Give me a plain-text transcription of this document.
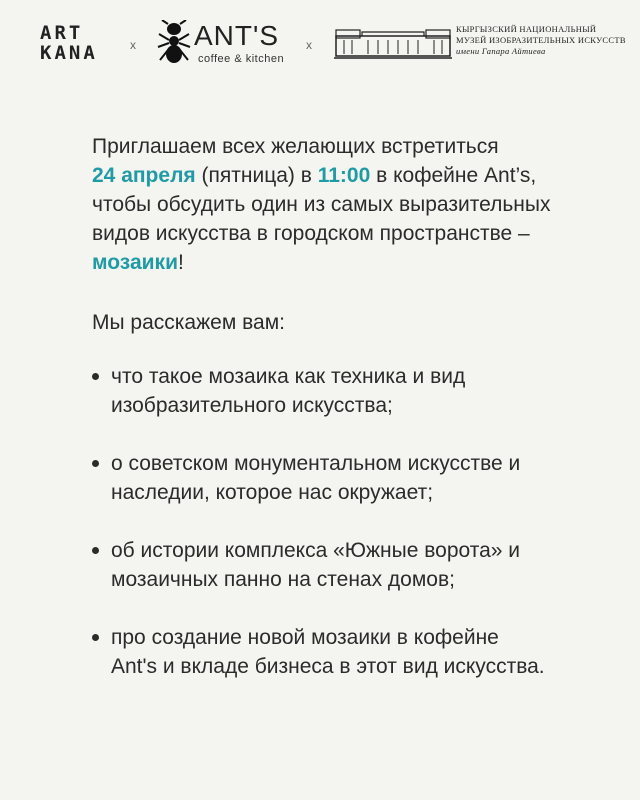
ART
KANA	x ANT'S
coffee & kitchen
x
КЫРГЫЗСКИЙ НАЦИОНАЛЬНЫЙ
МУЗЕЙ ИЗОБРАЗИТЕЛЬНЫХ ИСКУССТВ
имени Гапара Айтиева

Приглашаем всех желающих встретиться
24 апреля (пятница) в 11:00 в кофейне Ant’s,
чтобы обсудить один из самых выразительных
видов искусства в городском пространстве –
мозаики!

Мы расскажем вам:

что такое мозаика как техника и вид
изобразительного искусства;
о советском монументальном искусстве и
наследии, которое нас окружает;
об истории комплекса «Южные ворота» и
мозаичных панно на стенах домов;
про создание новой мозаики в кофейне
Ant's и вкладе бизнеса в этот вид искусства.
